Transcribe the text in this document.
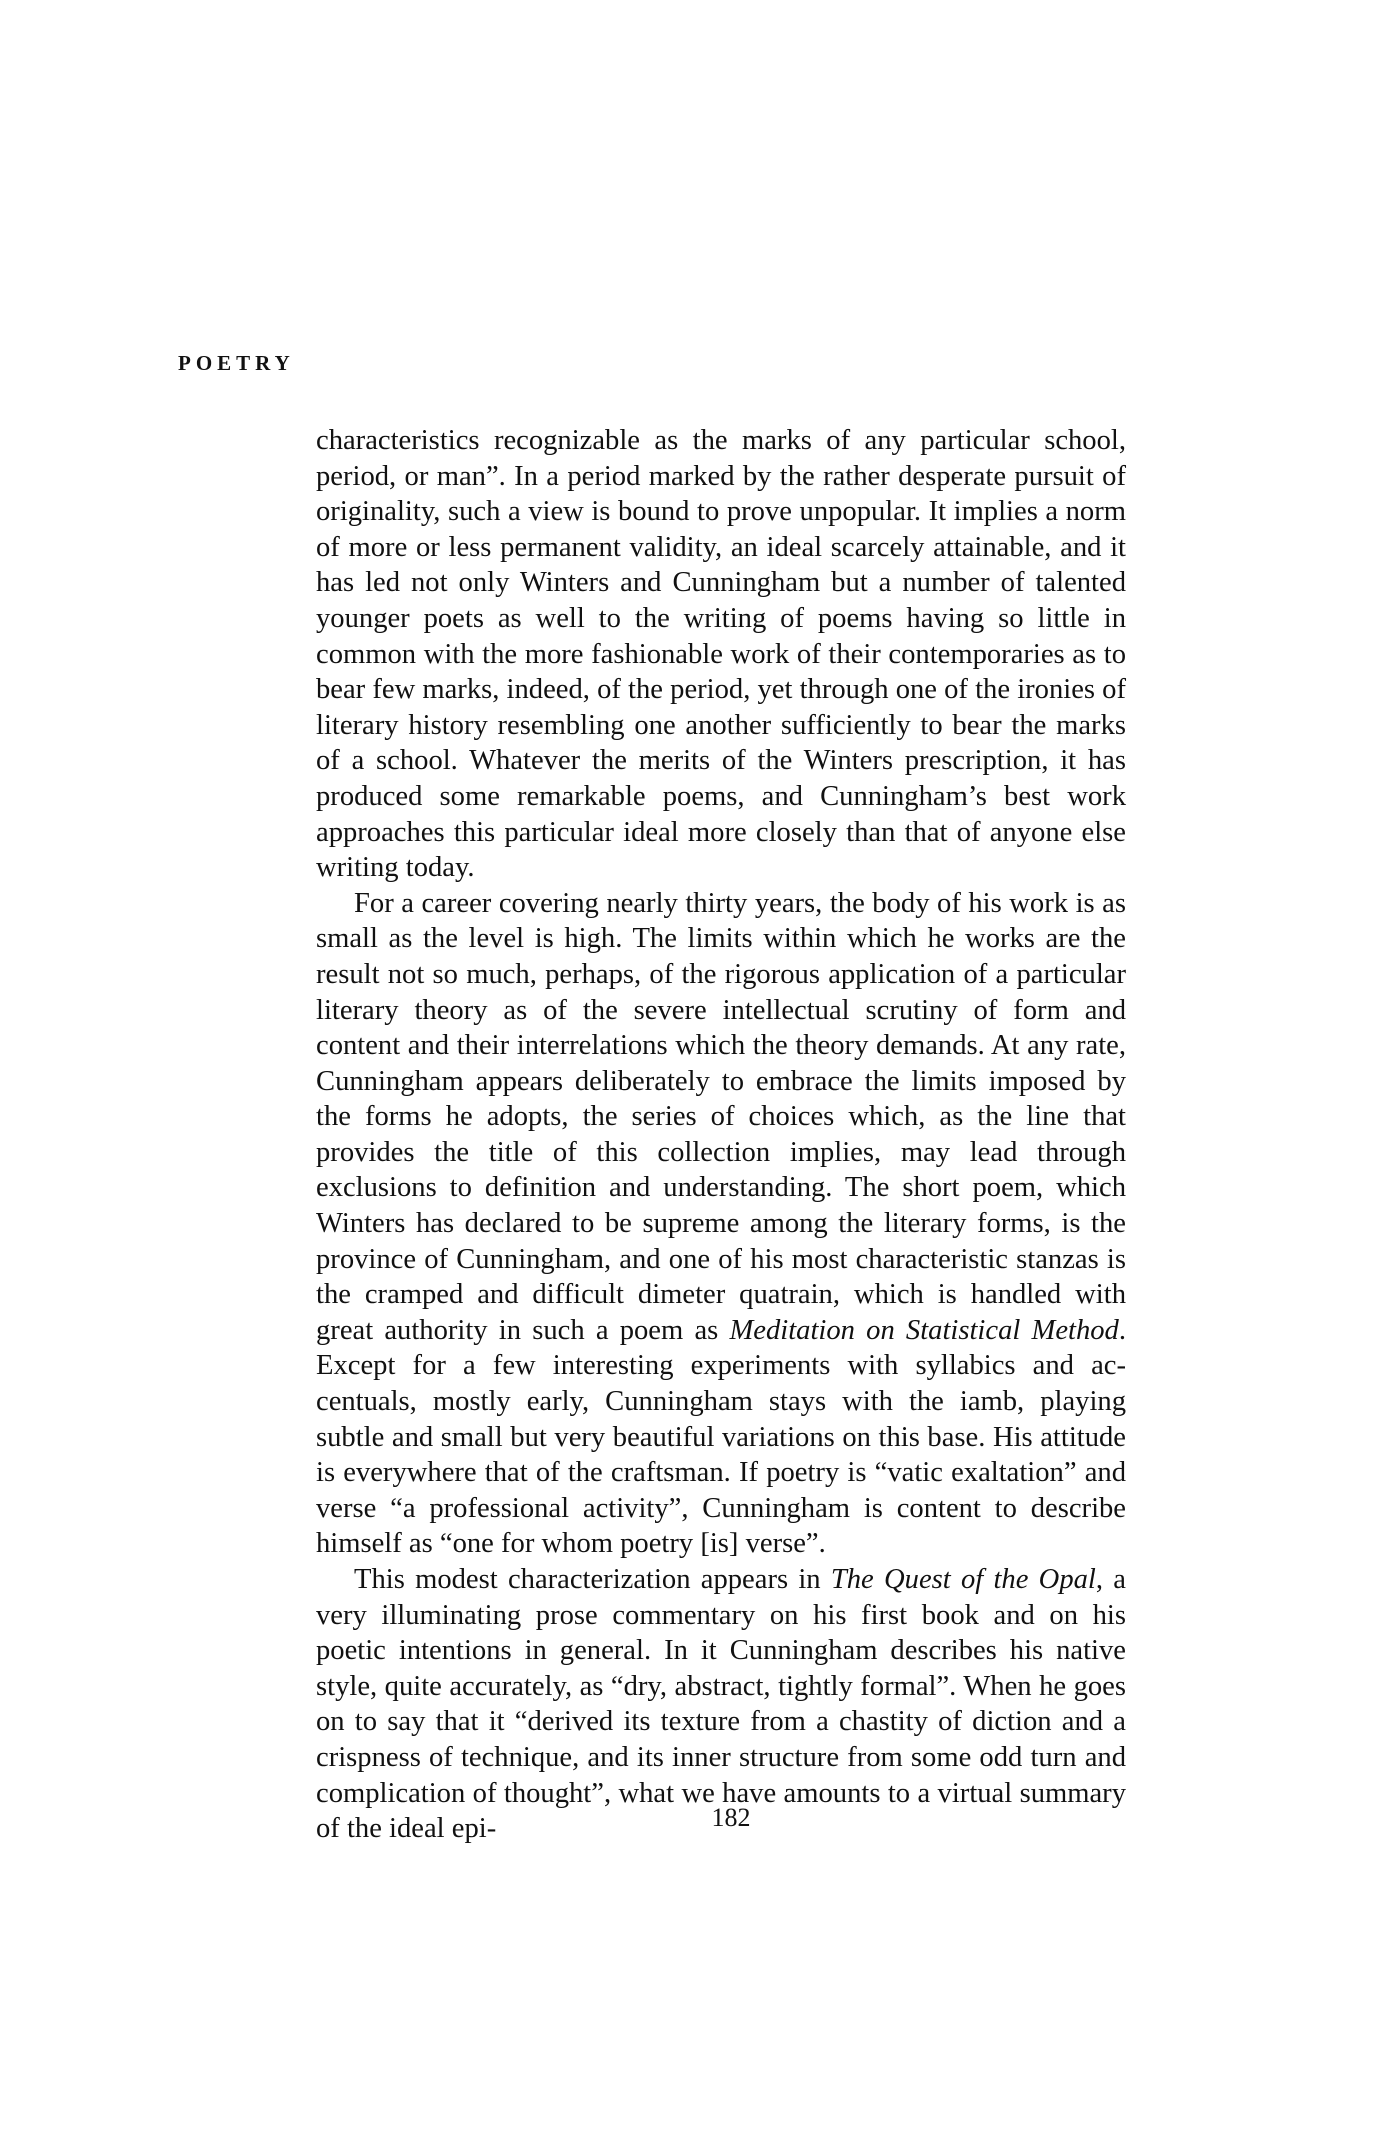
POETRY

characteristics recognizable as the marks of any particular school, period, or man”. In a period marked by the rather desperate pursuit of originality, such a view is bound to prove unpopular. It implies a norm of more or less permanent validity, an ideal scarcely attainable, and it has led not only Winters and Cunningham but a number of talented younger poets as well to the writing of poems having so little in common with the more fashionable work of their contemporaries as to bear few marks, indeed, of the period, yet through one of the ironies of literary history resembling one another sufficiently to bear the marks of a school. Whatever the merits of the Winters prescription, it has produced some remarkable poems, and Cunningham’s best work approaches this particular ideal more closely than that of anyone else writing today.

For a career covering nearly thirty years, the body of his work is as small as the level is high. The limits within which he works are the result not so much, perhaps, of the rigorous application of a particular literary theory as of the severe intellectual scrutiny of form and content and their interrelations which the theory demands. At any rate, Cunningham appears deliberately to embrace the limits imposed by the forms he adopts, the series of choices which, as the line that provides the title of this collection implies, may lead through exclusions to definition and understanding. The short poem, which Winters has declared to be supreme among the literary forms, is the province of Cunningham, and one of his most characteristic stanzas is the cramped and difficult dimeter quatrain, which is handled with great authority in such a poem as Meditation on Statistical Method. Except for a few interesting experiments with syllabics and accentuals, mostly early, Cunningham stays with the iamb, playing subtle and small but very beautiful variations on this base. His attitude is everywhere that of the craftsman. If poetry is “vatic exaltation” and verse “a professional activity”, Cunningham is content to describe himself as “one for whom poetry [is] verse”.

This modest characterization appears in The Quest of the Opal, a very illuminating prose commentary on his first book and on his poetic intentions in general. In it Cunningham describes his native style, quite accurately, as “dry, abstract, tightly formal”. When he goes on to say that it “derived its texture from a chastity of diction and a crispness of technique, and its inner structure from some odd turn and complication of thought”, what we have amounts to a virtual summary of the ideal epi-	182
